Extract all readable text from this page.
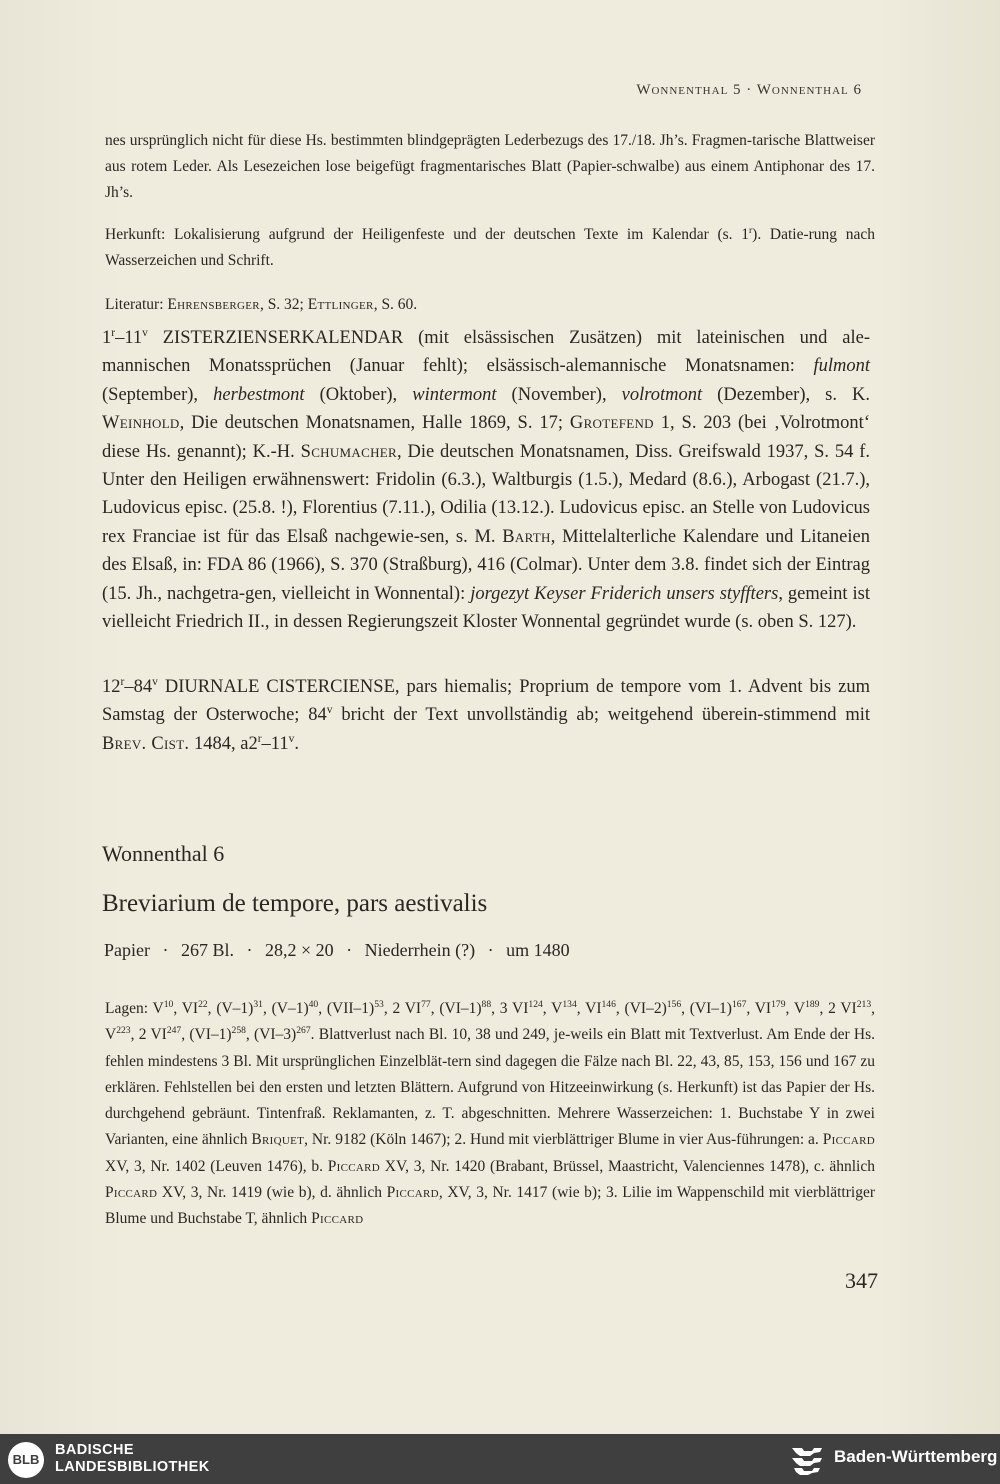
Wonnenthal 5 · Wonnenthal 6

nes ursprünglich nicht für diese Hs. bestimmten blindgeprägten Lederbezugs des 17./18. Jh’s. Fragmen-tarische Blattweiser aus rotem Leder. Als Lesezeichen lose beigefügt fragmentarisches Blatt (Papier-schwalbe) aus einem Antiphonar des 17. Jh’s.

Herkunft: Lokalisierung aufgrund der Heiligenfeste und der deutschen Texte im Kalendar (s. 1$^r$). Datie-rung nach Wasserzeichen und Schrift.

Literatur: Ehrensberger, S. 32; Ettlinger, S. 60.

1$^r$–11$^v$ ZISTERZIENSERKALENDAR (mit elsässischen Zusätzen) mit lateinischen und ale-mannischen Monatssprüchen (Januar fehlt); elsässisch-alemannische Monatsnamen: fulmont (September), herbestmont (Oktober), wintermont (November), volrotmont (Dezember), s. K. Weinhold, Die deutschen Monatsnamen, Halle 1869, S. 17; Grotefend 1, S. 203 (bei ‚Volrotmont‘ diese Hs. genannt); K.-H. Schumacher, Die deutschen Monatsnamen, Diss. Greifswald 1937, S. 54 f. Unter den Heiligen erwähnenswert: Fridolin (6.3.), Waltburgis (1.5.), Medard (8.6.), Arbogast (21.7.), Ludovicus episc. (25.8. !), Florentius (7.11.), Odilia (13.12.). Ludovicus episc. an Stelle von Ludovicus rex Franciae ist für das Elsaß nachgewie-sen, s. M. Barth, Mittelalterliche Kalendare und Litaneien des Elsaß, in: FDA 86 (1966), S. 370 (Straßburg), 416 (Colmar). Unter dem 3.8. findet sich der Eintrag (15. Jh., nachgetra-gen, vielleicht in Wonnental): jorgezyt Keyser Friderich unsers styffters, gemeint ist vielleicht Friedrich II., in dessen Regierungszeit Kloster Wonnental gegründet wurde (s. oben S. 127).

12$^r$–84$^v$ DIURNALE CISTERCIENSE, pars hiemalis; Proprium de tempore vom 1. Advent bis zum Samstag der Osterwoche; 84$^v$ bricht der Text unvollständig ab; weitgehend überein-stimmend mit Brev. Cist. 1484, a2$^r$–11$^v$.

Wonnenthal 6
Breviarium de tempore, pars aestivalis
Papier · 267 Bl. · 28,2 × 20 · Niederrhein (?) · um 1480

Lagen: $V^{10}$, VI$^{22}$, $(V-1)^{31}$, $(V-1)^{40}$, $(VII-1)^{53}$, 2 VI$^{77}$, $(VI-1)^{88}$, 3 VI$^{124}$, $V^{134}$, VI$^{146}$, $(VI-2)^{156}$, $(VI-1)^{167}$, VI$^{179}$, $V^{189}$, 2 VI$^{213}$, $V^{223}$, 2 VI$^{247}$, $(VI-1)^{258}$, $(VI-3)^{267}$. Blattverlust nach Bl. 10, 38 und 249, je-weils ein Blatt mit Textverlust. Am Ende der Hs. fehlen mindestens 3 Bl. Mit ursprünglichen Einzelblät-tern sind dagegen die Fälze nach Bl. 22, 43, 85, 153, 156 und 167 zu erklären. Fehlstellen bei den ersten und letzten Blättern. Aufgrund von Hitzeeinwirkung (s. Herkunft) ist das Papier der Hs. durchgehend gebräunt. Tintenfraß. Reklamanten, z. T. abgeschnitten. Mehrere Wasserzeichen: 1. Buchstabe Y in zwei Varianten, eine ähnlich Briquet, Nr. 9182 (Köln 1467); 2. Hund mit vierblättriger Blume in vier Aus-führungen: a. Piccard XV, 3, Nr. 1402 (Leuven 1476), b. Piccard XV, 3, Nr. 1420 (Brabant, Brüssel, Maastricht, Valenciennes 1478), c. ähnlich Piccard XV, 3, Nr. 1419 (wie b), d. ähnlich Piccard, XV, 3, Nr. 1417 (wie b); 3. Lilie im Wappenschild mit vierblättriger Blume und Buchstabe T, ähnlich Piccard

347
BLB
BADISCHE
LANDESBIBLIOTHEK
Baden-Württemberg
